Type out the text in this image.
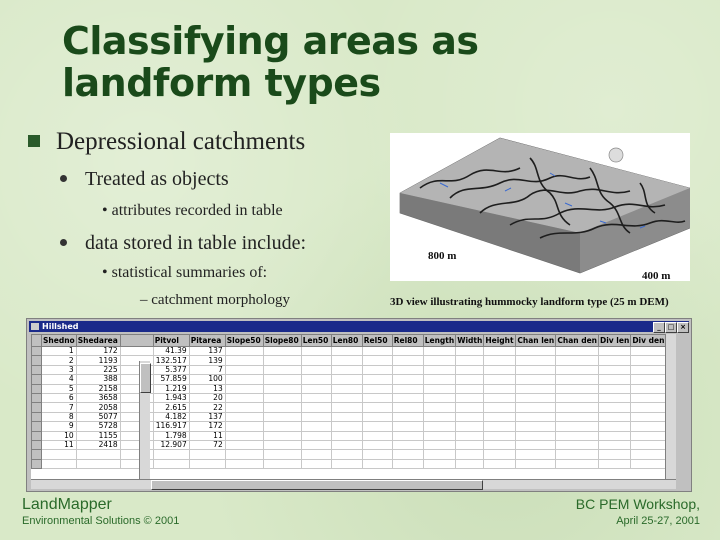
Classifying areas as
landform types
Depressional catchments
Treated as objects
• attributes recorded in table
data stored in table include:
• statistical summaries of:
– catchment morphology
800 m
400 m
3D view illustrating hummocky landform type (25 m DEM)
Hillshed	_ □ ×
	Shedno	Shedarea		Pitvol	Pitarea	Slope50	Slope80	Len50	Len80	Rel50	Rel80	Length	Width	Height	Chan len	Chan den	Div len	Div den
	1	172		41.39	137													
	2	1193		132.517	139													
	3	225		5.377	7													
	4	388		57.859	100													
	5	2158		1.219	13													
	6	3658		1.943	20													
	7	2058		2.615	22													
	8	5077		4.182	137													
	9	5728		116.917	172													
	10	1155		1.798	11													
	11	2418		12.907	72													

LandMapper
Environmental Solutions © 2001
BC PEM Workshop,
April 25-27, 2001
